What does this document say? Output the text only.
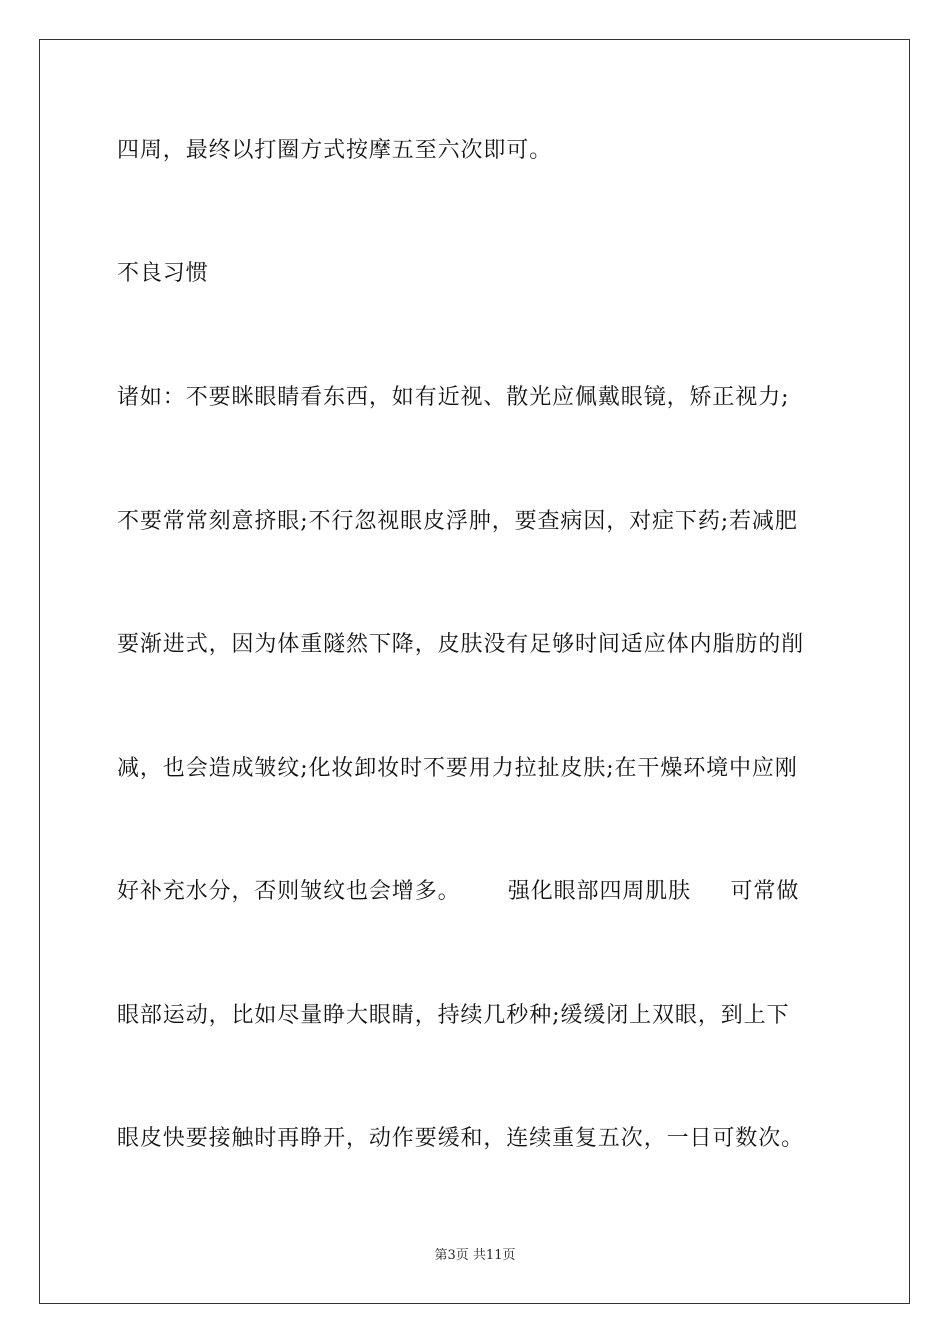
四周，最终以打圈方式按摩五至六次即可。
不良习惯
诸如：不要眯眼睛看东西，如有近视、散光应佩戴眼镜，矫正视力;
不要常常刻意挤眼;不行忽视眼皮浮肿，要查病因，对症下药;若减肥
要渐进式，因为体重隧然下降，皮肤没有足够时间适应体内脂肪的削
减，也会造成皱纹;化妆卸妆时不要用力拉扯皮肤;在干燥环境中应刚
好补充水分，否则皱纹也会增多。      强化眼部四周肌肤     可常做
眼部运动，比如尽量睁大眼睛，持续几秒种;缓缓闭上双眼，到上下
眼皮快要接触时再睁开，动作要缓和，连续重复五次，一日可数次。
第3页 共11页
